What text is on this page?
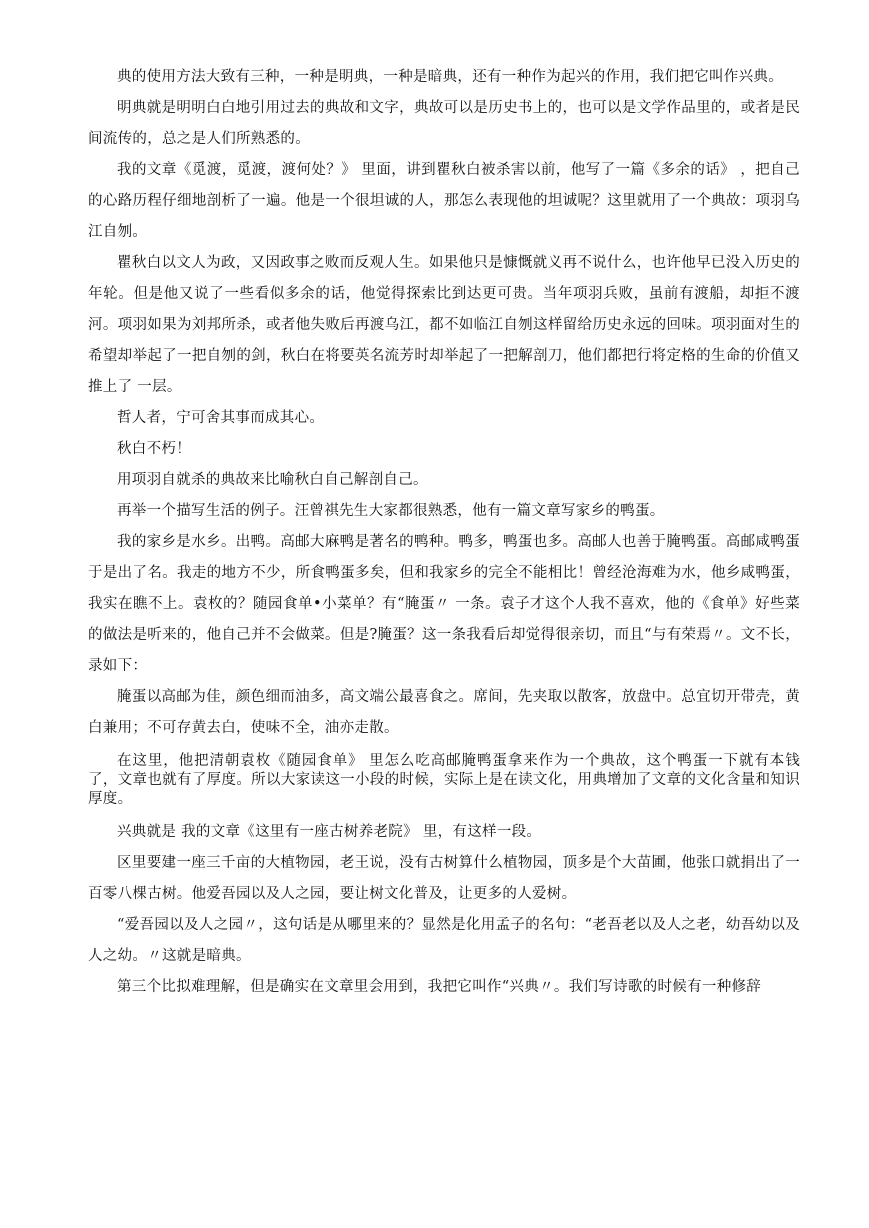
典的使用方法大致有三种，一种是明典，一种是暗典，还有一种作为起兴的作用，我们把它叫作兴典。

明典就是明明白白地引用过去的典故和文字，典故可以是历史书上的，也可以是文学作品里的，或者是民间流传的，总之是人们所熟悉的。

我的文章《觅渡，觅渡，渡何处？》 里面，讲到瞿秋白被杀害以前，他写了一篇《多余的话》 ，把自己的心路历程仔细地剖析了一遍。他是一个很坦诚的人，那怎么表现他的坦诚呢？这里就用了一个典故：项羽乌江自刎。

瞿秋白以文人为政，又因政事之败而反观人生。如果他只是慷慨就义再不说什么，也许他早已没入历史的年轮。但是他又说了一些看似多余的话，他觉得探索比到达更可贵。当年项羽兵败，虽前有渡船，却拒不渡河。项羽如果为刘邦所杀，或者他失败后再渡乌江，都不如临江自刎这样留给历史永远的回味。项羽面对生的希望却举起了一把自刎的剑，秋白在将要英名流芳时却举起了一把解剖刀，他们都把行将定格的生命的价值又推上了 一层。

哲人者，宁可舍其事而成其心。

秋白不朽！

用项羽自就杀的典故来比喻秋白自己解剖自己。

再举一个描写生活的例子。汪曾祺先生大家都很熟悉，他有一篇文章写家乡的鸭蛋。

我的家乡是水乡。出鸭。高邮大麻鸭是著名的鸭种。鸭多，鸭蛋也多。高邮人也善于腌鸭蛋。高邮咸鸭蛋于是出了名。我走的地方不少，所食鸭蛋多矣，但和我家乡的完全不能相比！曾经沧海难为水，他乡咸鸭蛋，我实在瞧不上。袁枚的？随园食单•小菜单？有“腌蛋〃 一条。袁子才这个人我不喜欢，他的《食单》好些菜的做法是听来的，他自己并不会做菜。但是?腌蛋？这一条我看后却觉得很亲切，而且“与有荣焉〃。文不长，录如下：

腌蛋以高邮为佳，颜色细而油多，高文端公最喜食之。席间，先夹取以散客，放盘中。总宜切开带壳，黄白兼用；不可存黄去白，使味不全，油亦走散。

在这里，他把清朝袁枚《随园食单》 里怎么吃高邮腌鸭蛋拿来作为一个典故，这个鸭蛋一下就有本钱了，文章也就有了厚度。所以大家读这一小段的时候，实际上是在读文化，用典增加了文章的文化含量和知识厚度。

兴典就是 我的文章《这里有一座古树养老院》 里，有这样一段。

区里要建一座三千亩的大植物园，老王说，没有古树算什么植物园，顶多是个大苗圃，他张口就捐出了一百零八棵古树。他爱吾园以及人之园，要让树文化普及，让更多的人爱树。

“爱吾园以及人之园〃，这句话是从哪里来的？显然是化用孟子的名句：“老吾老以及人之老，幼吾幼以及人之幼。〃这就是暗典。

第三个比拟难理解，但是确实在文章里会用到，我把它叫作“兴典〃。我们写诗歌的时候有一种修辞
